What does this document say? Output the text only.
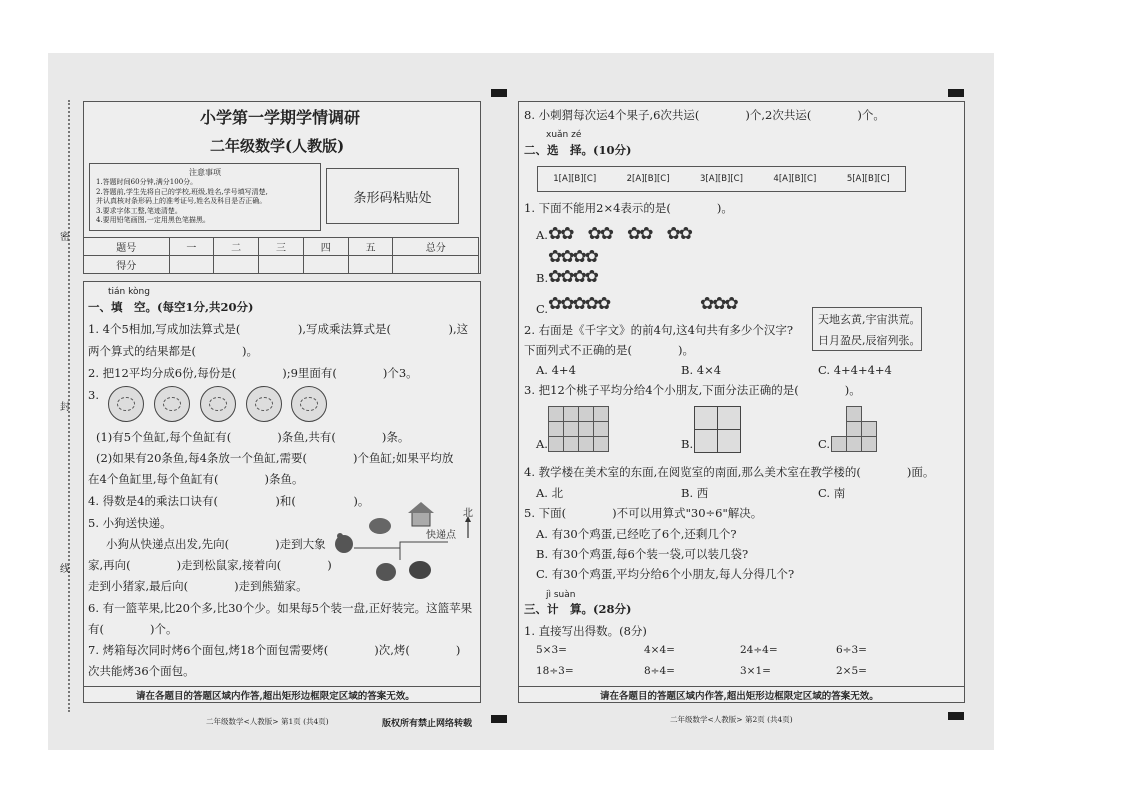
密
封
线
小学第一学期学情调研
二年级数学(人教版)
注意事项
1.答题时间60分钟,满分100分。
2.答题前,学生先将自己的学校,班级,姓名,学号填写清楚,
并认真核对条形码上的准考证号,姓名及科目是否正确。
3.要求字体工整,笔迹清楚。
4.要用铅笔画图,一定用黑色笔描黑。
条形码粘贴处
题号	一	二	三	四	五	总分
得分						
tián kòng
一、填　空。(每空1分,共20分)
1. 4个5相加,写成加法算式是(　　　　　),写成乘法算式是(　　　　　),这
两个算式的结果都是(　　　　)。
2. 把12平均分成6份,每份是(　　　　);9里面有(　　　　)个3。
3.
(1)有5个鱼缸,每个鱼缸有(　　　　)条鱼,共有(　　　　)条。
(2)如果有20条鱼,每4条放一个鱼缸,需要(　　　　)个鱼缸;如果平均放
在4个鱼缸里,每个鱼缸有(　　　　)条鱼。
4. 得数是4的乘法口诀有(　　　　　)和(　　　　　)。
5. 小狗送快递。
小狗从快递点出发,先向(　　　　)走到大象
家,再向(　　　　)走到松鼠家,接着向(　　　　)
走到小猪家,最后向(　　　　)走到熊猫家。
北
快递点
6. 有一篮苹果,比20个多,比30个少。如果每5个装一盘,正好装完。这篮苹果
有(　　　　)个。
7. 烤箱每次同时烤6个面包,烤18个面包需要烤(　　　　)次,烤(　　　　)
次共能烤36个面包。
请在各题目的答题区域内作答,超出矩形边框限定区域的答案无效。
二年级数学<人教版> 第1页 (共4页)	版权所有禁止网络转载
8. 小刺猬每次运4个果子,6次共运(　　　　)个,2次共运(　　　　)个。
xuǎn zé
二、选　择。(10分)
1[A][B][C]	2[A][B][C]	3[A][B][C]	4[A][B][C]	5[A][B][C]
1. 下面不能用2×4表示的是(　　　　)。
A. ✿✿　✿✿　✿✿　✿✿
B.
✿✿✿✿
✿✿✿✿
C. ✿✿✿✿✿	✿✿✿
2. 右面是《千字文》的前4句,这4句共有多少个汉字?
下面列式不正确的是(　　　　)。
天地玄黄,宇宙洪荒。
日月盈昃,辰宿列张。
A. 4+4	B. 4×4	C. 4+4+4+4
3. 把12个桃子平均分给4个小朋友,下面分法正确的是(　　　　)。
A.	B.	C.
4. 教学楼在美术室的东面,在阅览室的南面,那么美术室在教学楼的(　　　　)面。
A. 北	B. 西	C. 南
5. 下面(　　　　)不可以用算式"30÷6"解决。
A. 有30个鸡蛋,已经吃了6个,还剩几个?
B. 有30个鸡蛋,每6个装一袋,可以装几袋?
C. 有30个鸡蛋,平均分给6个小朋友,每人分得几个?
jì suàn
三、计　算。(28分)
1. 直接写出得数。(8分)
5×3=	4×4=	24÷4=	6÷3=
18÷3=	8÷4=	3×1=	2×5=
请在各题目的答题区域内作答,超出矩形边框限定区域的答案无效。
二年级数学<人教版> 第2页 (共4页)
